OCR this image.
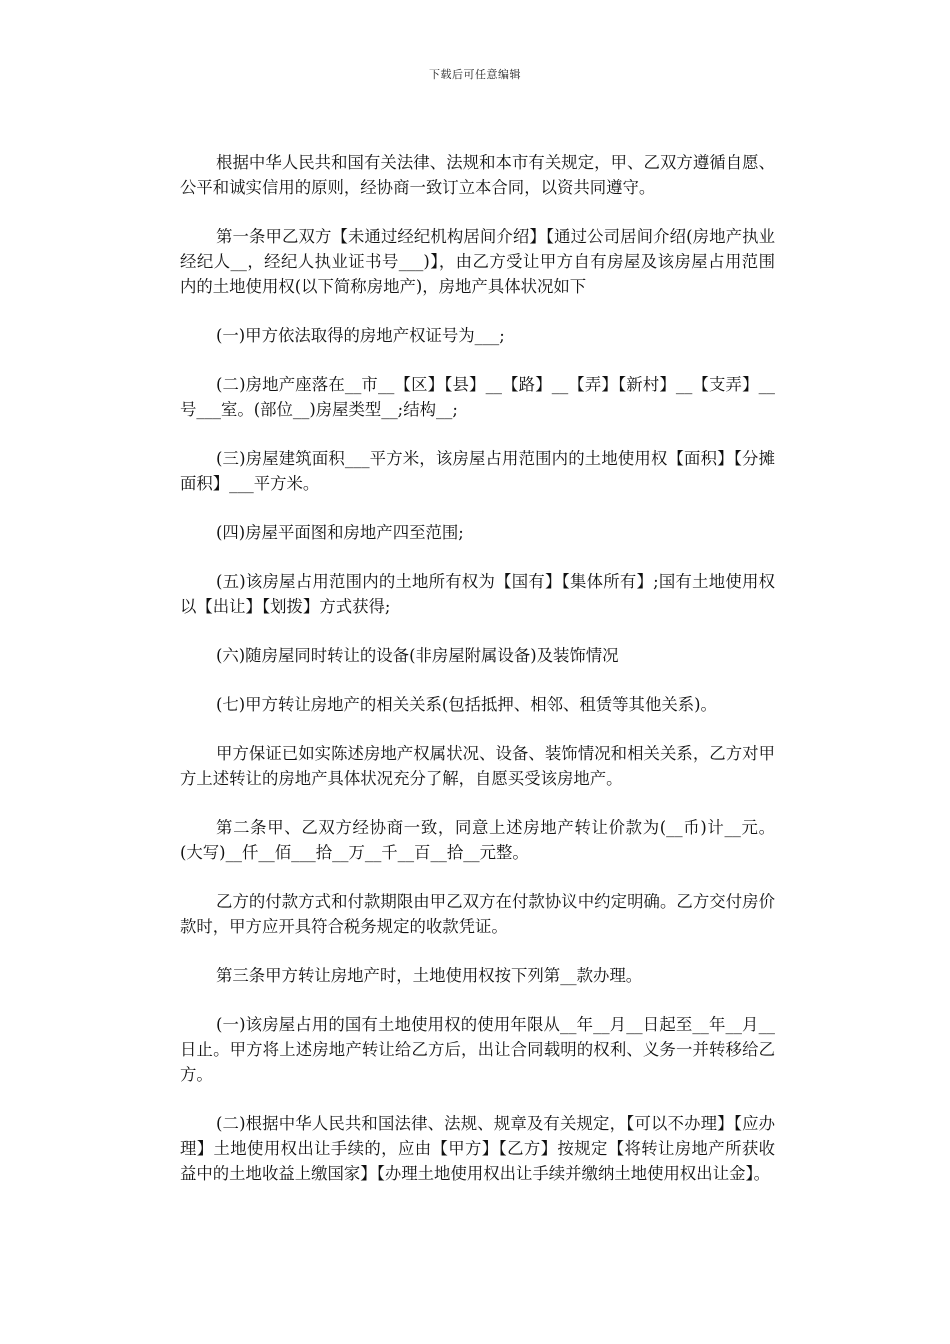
下载后可任意编辑

根据中华人民共和国有关法律、法规和本市有关规定，甲、乙双方遵循自愿、公平和诚实信用的原则，经协商一致订立本合同，以资共同遵守。

第一条甲乙双方【未通过经纪机构居间介绍】【通过公司居间介绍(房地产执业经纪人__，经纪人执业证书号___)】，由乙方受让甲方自有房屋及该房屋占用范围内的土地使用权(以下简称房地产)，房地产具体状况如下

(一)甲方依法取得的房地产权证号为___;

(二)房地产座落在__市__【区】【县】__【路】__【弄】【新村】__【支弄】__号___室。(部位__)房屋类型__;结构__;

(三)房屋建筑面积___平方米，该房屋占用范围内的土地使用权【面积】【分摊面积】___平方米。

(四)房屋平面图和房地产四至范围;

(五)该房屋占用范围内的土地所有权为【国有】【集体所有】;国有土地使用权以【出让】【划拨】方式获得;

(六)随房屋同时转让的设备(非房屋附属设备)及装饰情况

(七)甲方转让房地产的相关关系(包括抵押、相邻、租赁等其他关系)。

甲方保证已如实陈述房地产权属状况、设备、装饰情况和相关关系，乙方对甲方上述转让的房地产具体状况充分了解，自愿买受该房地产。

第二条甲、乙双方经协商一致，同意上述房地产转让价款为(__币)计__元。(大写)__仟__佰___拾__万__千__百__拾__元整。

乙方的付款方式和付款期限由甲乙双方在付款协议中约定明确。乙方交付房价款时，甲方应开具符合税务规定的收款凭证。

第三条甲方转让房地产时，土地使用权按下列第__款办理。

(一)该房屋占用的国有土地使用权的使用年限从__年__月__日起至__年__月__日止。甲方将上述房地产转让给乙方后，出让合同载明的权利、义务一并转移给乙方。

(二)根据中华人民共和国法律、法规、规章及有关规定，【可以不办理】【应办理】土地使用权出让手续的，应由【甲方】【乙方】按规定【将转让房地产所获收益中的土地收益上缴国家】【办理土地使用权出让手续并缴纳土地使用权出让金】。
